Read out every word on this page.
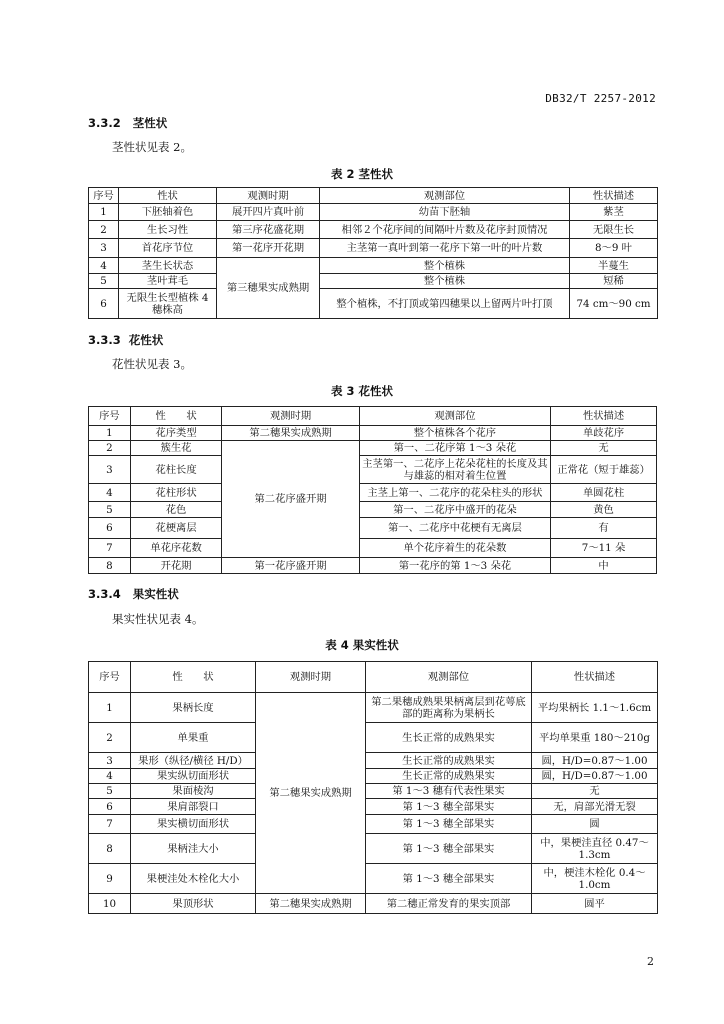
DB32/T 2257-2012
3.3.2 茎性状
茎性状见表 2。
表 2 茎性状
序号	性状	观测时期	观测部位	性状描述
1	下胚轴着色	展开四片真叶前	幼苗下胚轴	紫茎
2	生长习性	第三序花盛花期	相邻２个花序间的间隔叶片数及花序封顶情况	无限生长
3	首花序节位	第一花序开花期	主茎第一真叶到第一花序下第一叶的叶片数	8～9 叶
4	茎生长状态	第三穗果实成熟期	整个植株	半蔓生
5	茎叶茸毛		整个植株	短稀
6	无限生长型植株 4 穗株高		整个植株，不打顶或第四穗果以上留两片叶打顶	74 cm～90 cm
3.3.3 花性状
花性状见表 3。
表 3 花性状
序号	性　　状	观测时期	观测部位	性状描述
1	花序类型	第二穗果实成熟期	整个植株各个花序	单歧花序
2	簇生花	第二花序盛开期	第一、二花序第 1～3 朵花	无
3	花柱长度		主茎第一、二花序上花朵花柱的长度及其与雄蕊的相对着生位置	正常花（短于雄蕊）
4	花柱形状		主茎上第一、二花序的花朵柱头的形状	单圆花柱
5	花色		第一、二花序中盛开的花朵	黄色
6	花梗离层		第一、二花序中花梗有无离层	有
7	单花序花数		单个花序着生的花朵数	7～11 朵
8	开花期	第一花序盛开期	第一花序的第 1～3 朵花	中
3.3.4 果实性状
果实性状见表 4。
表 4 果实性状
序号	性　　状	观测时期	观测部位	性状描述
1	果柄长度	第二穗果实成熟期	第二果穗成熟果果柄离层到花萼底部的距离称为果柄长	平均果柄长 1.1～1.6cm
2	单果重		生长正常的成熟果实	平均单果重 180～210g
3	果形（纵径/横径 H/D）		生长正常的成熟果实	圆，H/D=0.87～1.00
4	果实纵切面形状		生长正常的成熟果实	圆，H/D=0.87～1.00
5	果面棱沟		第 1～3 穗有代表性果实	无
6	果肩部裂口		第 1～3 穗全部果实	无，肩部光滑无裂
7	果实横切面形状		第 1～3 穗全部果实	圆
8	果柄洼大小		第 1～3 穗全部果实	中，果梗洼直径 0.47～1.3cm
9	果梗洼处木栓化大小		第 1～3 穗全部果实	中，梗洼木栓化 0.4～1.0cm
10	果顶形状	第二穗果实成熟期	第二穗正常发育的果实顶部	圆平
2
